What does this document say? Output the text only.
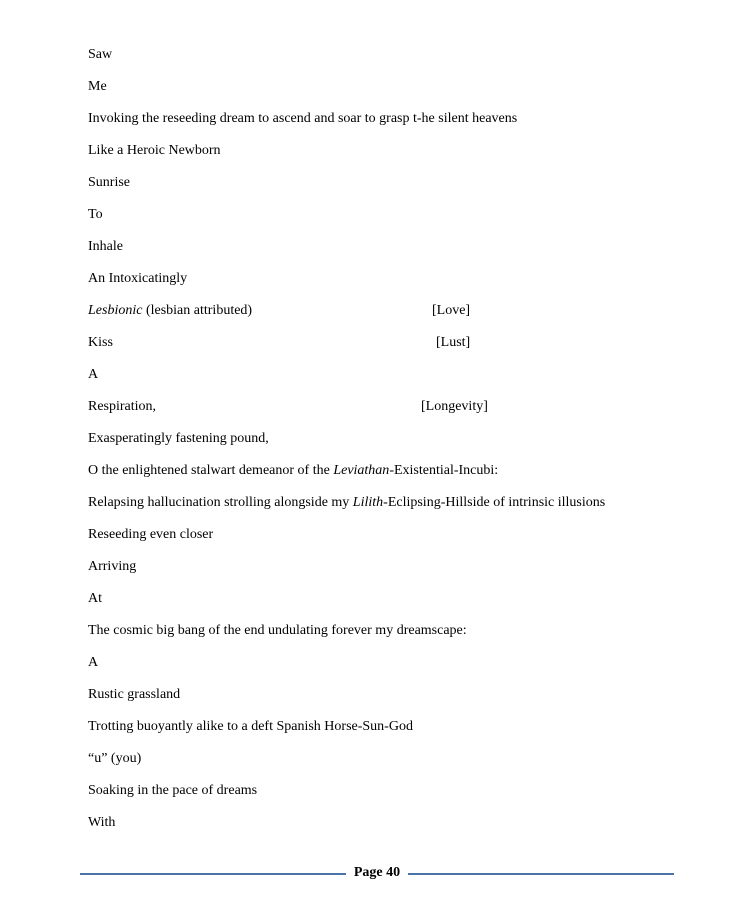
Saw
Me
Invoking the reseeding dream to ascend and soar to grasp t-he silent heavens
Like a Heroic Newborn
Sunrise
To
Inhale
An Intoxicatingly
Lesbionic (lesbian attributed)	[Love]
Kiss	[Lust]
A
Respiration,	[Longevity]
Exasperatingly fastening pound,
O the enlightened stalwart demeanor of the Leviathan-Existential-Incubi:
Relapsing hallucination strolling alongside my Lilith-Eclipsing-Hillside of intrinsic illusions
Reseeding even closer
Arriving
At
The cosmic big bang of the end undulating forever my dreamscape:
A
Rustic grassland
Trotting buoyantly alike to a deft Spanish Horse-Sun-God
“u” (you)
Soaking in the pace of dreams
With
Page 40
